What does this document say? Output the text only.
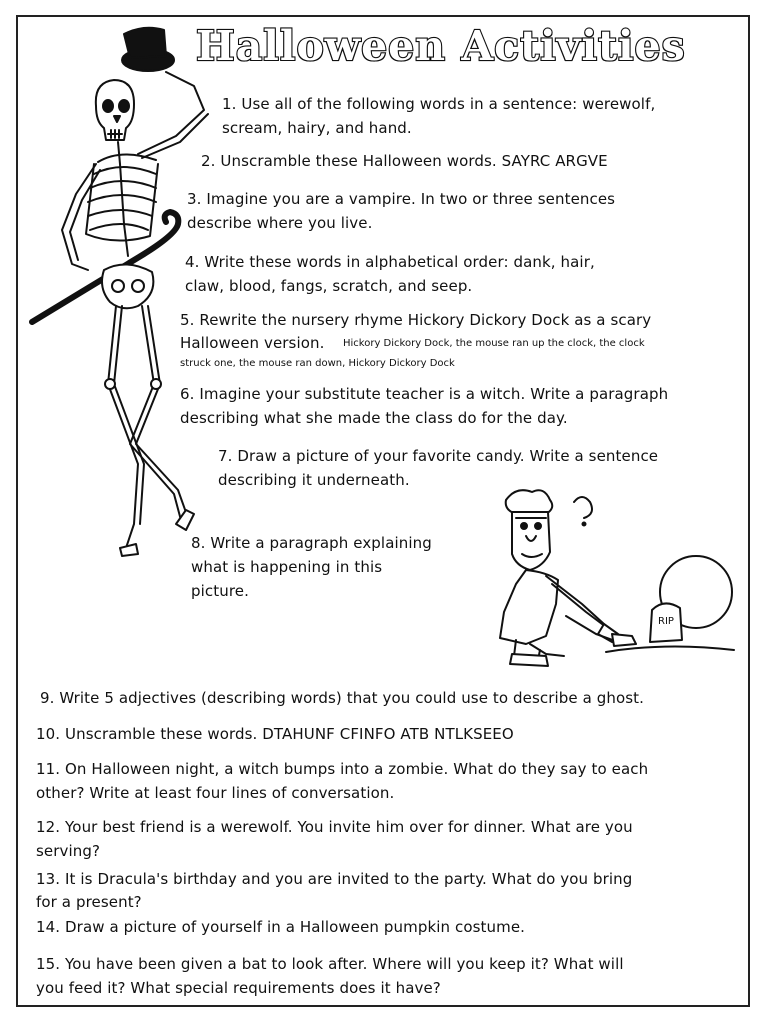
Halloween Activities
RIP

1. Use all of the following words in a sentence: werewolf,

scream, hairy, and hand.

2. Unscramble these Halloween words. SAYRC ARGVE

3. Imagine you are a vampire. In two or three sentences

describe where you live.

4. Write these words in alphabetical order: dank, hair,

claw, blood, fangs, scratch, and seep.

5. Rewrite the nursery rhyme Hickory Dickory Dock as a scary

Halloween version. Hickory Dickory Dock, the mouse ran up the clock, the clock

struck one, the mouse ran down, Hickory Dickory Dock

6. Imagine your substitute teacher is a witch. Write a paragraph

describing what she made the class do for the day.

7. Draw a picture of your favorite candy. Write a sentence

describing it underneath.

8. Write a paragraph explaining

what is happening in this

picture.

9. Write 5 adjectives (describing words) that you could use to describe a ghost.

10. Unscramble these words. DTAHUNF CFINFO ATB NTLKSEEO

11. On Halloween night, a witch bumps into a zombie. What do they say to each

other? Write at least four lines of conversation.

12. Your best friend is a werewolf. You invite him over for dinner. What are you

serving?

13. It is Dracula's birthday and you are invited to the party. What do you bring

for a present?

14. Draw a picture of yourself in a Halloween pumpkin costume.

15. You have been given a bat to look after. Where will you keep it? What will

you feed it? What special requirements does it have?
